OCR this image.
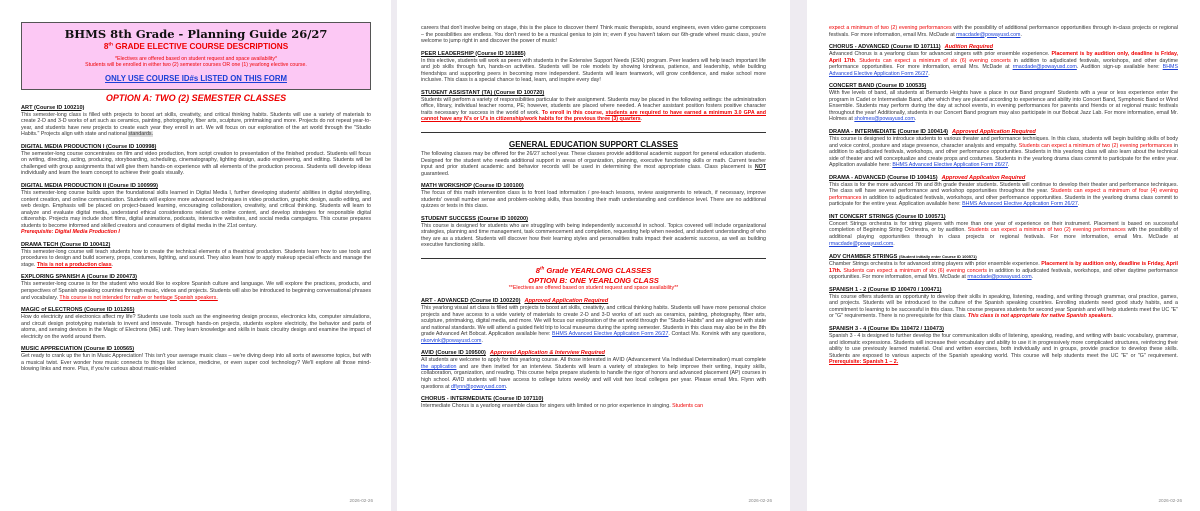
BHMS 8th Grade - Planning Guide 26/27
8th GRADE ELECTIVE COURSE DESCRIPTIONS
*Electives are offered based on student request and space availability*
Students will be enrolled in either two (2) semester courses OR one (1) yearlong elective course.
ONLY USE COURSE ID#s LISTED ON THIS FORM
OPTION A: TWO (2) SEMESTER CLASSES
ART (Course ID 100210)
This semester-long class is filled with projects to boost art skills, creativity, and critical thinking habits. Students will use a variety of materials to create 2-D and 3-D works of art such as ceramics, painting, photography, fiber arts, sculpture, printmaking and more. Projects do not repeat year-to-year, and students have new projects to create each year they enroll in art. We will focus on our exploration of the art world through the "Studio Habits." Projects align with state and national standards.
DIGITAL MEDIA PRODUCTION I (Course ID 100998)
The semester-long course concentrates on film and video production, from script creation to presentation of the finished product. Students will focus on writing, directing, acting, producing, storyboarding, scheduling, cinematography, lighting design, audio engineering, and editing. Students will be challenged with group assignments that will give them hands-on experience with all elements of the production process. Students will develop ideas individually and learn the team concept to achieve their goals visually.
DIGITAL MEDIA PRODUCTION II (Course ID 100999)
This semester-long course builds upon the foundational skills learned in Digital Media I, further developing students' abilities in digital storytelling, content creation, and online communication. Students will explore more advanced techniques in video production, graphic design, audio editing, and web design. Emphasis will be placed on project-based learning, encouraging collaboration, creativity, and critical thinking. Students will learn to analyze and evaluate digital media, understand ethical considerations related to online content, and develop strategies for responsible digital citizenship. Projects may include short films, digital animations, podcasts, interactive websites, and social media campaigns. This course prepares students to become informed and skilled creators and consumers of digital media in the 21st century.
Prerequisite: Digital Media Production I
DRAMA TECH (Course ID 100412)
This semester-long course will teach students how to create the technical elements of a theatrical production. Students learn how to use tools and procedures to design and build scenery, props, costumes, lighting, and sound. They also learn how to apply makeup special effects and manage the stage. This is not a production class.
EXPLORING SPANISH A (Course ID 200473)
This semester-long course is for the student who would like to explore Spanish culture and language. We will explore the practices, products, and perspectives of Spanish speaking countries through music, videos and projects. Students will also be introduced to beginning conversational phrases and vocabulary. This course is not intended for native or heritage Spanish speakers.
MAGIC of ELECTRONS (Course ID 101265)
How do electricity and electronics affect my life? Students use tools such as the engineering design process, electronics kits, computer simulations, and circuit design prototyping materials to invent and innovate. Through hands-on projects, students explore electricity, the behavior and parts of atoms, and sensing devices in the Magic of Electrons (ME) unit. They learn knowledge and skills in basic circuitry design and examine the impact of electricity on the world around them.
MUSIC APPRECIATION (Course ID 100565)
Get ready to crank up the fun in Music Appreciation! This isn't your average music class – we're diving deep into all sorts of awesome topics, but with a musical twist. Ever wonder how music connects to things like science, medicine, or even super cool technology? We'll explore all those mind-blowing links and more. Plus, if you're curious about music-related
2026-02-26
careers that don't involve being on stage, this is the place to discover them! Think music therapists, sound engineers, even video game composers – the possibilities are endless. You don't need to be a musical genius to join in; even if you haven't taken our 6th-grade wheel music class, you're welcome to jump right in and discover the power of music!
PEER LEADERSHIP (Course ID 101885)
In this elective, students will work as peers with students in the Extensive Support Needs (ESN) program. Peer leaders will help teach important life and job skills through fun, hands-on activities. Students will be role models by showing kindness, patience, and leadership, while building friendships and supporting peers in becoming more independent. Students will learn teamwork, will grow confidence, and make school more inclusive. This class is a special chance to lead, learn, and inspire every day!
STUDENT ASSISTANT (TA) (Course ID 100720)
Students will perform a variety of responsibilities particular to their assignment. Students may be placed in the following settings: the administration office, library, individual teacher rooms, PE; however, students are placed where needed. A teacher assistant position fosters positive character traits necessary for success in the world of work. To enroll in this course, students are required to have earned a minimum 3.0 GPA and cannot have any N's or U's in citizenship/work habits for the previous three (3) quarters.
GENERAL EDUCATION SUPPORT CLASSES
The following classes may be offered for the 26/27 school year. These classes provide additional academic support for general education students. Designed for the student who needs additional support in areas of organization, planning, executive functioning skills or math. Current teacher input and prior student academic and behavior records will be used in determining the most appropriate class. Class placement is NOT guaranteed.
MATH WORKSHOP (Course ID 100100)
The focus of this math intervention class is to front load information / pre-teach lessons, review assignments to reteach, if necessary, improve students' overall number sense and problem-solving skills, thus boosting their math understanding and confidence level. There are no additional quizzes or tests in this class.
STUDENT SUCCESS (Course ID 100200)
This course is designed for students who are struggling with being independently successful in school. Topics covered will include organizational strategies, planning and time management, task commencement and completion, requesting help when needed, and student understanding of who they are as a student. Students will discover how their learning styles and personalities traits impact their academic success, as well as building executive functioning skills.
8th Grade YEARLONG CLASSES
OPTION B: ONE YEARLONG CLASS
**Electives are offered based on student request and space availability**
ART - ADVANCED (Course ID 100220) Approved Application Required
This yearlong visual art class is filled with projects to boost art skills, creativity, and critical thinking habits. Students will have more personal choice projects and have access to a wide variety of materials to create 2-D and 3-D works of art such as ceramics, painting, photography, fiber arts, sculpture, printmaking, digital media, and more. We will focus our exploration of the art world through the "Studio Habits" and are aligned with state and national standards. We will attend a guided field trip to local museums during the spring semester. Students in this class may also be in the 8th grade Advanced Art Bobcat. Application available here: BHMS Advanced Elective Application Form 26/27. Contact Ms. Korvink with any questions, nkorvink@powayusd.com.
AVID (Course ID 109500) Approved Application & Interview Required
All students are welcome to apply for this yearlong course. All those interested in AVID (Advancement Via Individual Determination) must complete the application and are then invited for an interview. Students will learn a variety of strategies to help improve their writing, inquiry skills, collaboration, organization, and reading. This course helps prepare students to handle the rigor of honors and advanced placement (AP) courses in high school. AVID students will have access to college tutors weekly and will visit two local colleges per year. Please email Mrs. Flynn with questions at dflynn@powayusd.com.
CHORUS - INTERMEDIATE (Course ID 107110)
Intermediate Chorus is a yearlong ensemble class for singers with limited or no prior experience in singing. Students can
2026-02-26
expect a minimum of two (2) evening performances with the possibility of additional performance opportunities through in-class projects or regional festivals. For more information, email Mrs. McDade at rmacdade@powayusd.com.
CHORUS - ADVANCED (Course ID 107111) Audition Required
Advanced Chorus is a yearlong class for advanced singers with prior ensemble experience. Placement is by audition only, deadline is Friday, April 17th. Students can expect a minimum of six (6) evening concerts in addition to adjudicated festivals, workshops, and other daytime performance opportunities. For more information, email Mrs. McDade at rmacdade@powayusd.com. Audition sign-up available here: BHMS Advanced Elective Application Form 26/27.
CONCERT BAND (Course ID 100535)
With five levels of band, all students at Bernardo Heights have a place in our Band program! Students with a year or less experience enter the program in Cadet or Intermediate Band, after which they are placed according to experience and ability into Concert Band, Symphonic Band or Wind Ensemble. Students may perform during the day at school events, in evening performances for parents and friends or at regional music festivals throughout the year! Additionally, students in our Concert Band program may also participate in our Bobcat Jazz Lab. For more information, email Mr. Holmes at sholmes@powayusd.com.
DRAMA - INTERMEDIATE (Course ID 100414) Approved Application Required
This course is designed to introduce students to various theater and performance techniques. In this class, students will begin building skills of body and voice control, posture and stage presence, character analysis and empathy. Students can expect a minimum of two (2) evening performances in addition to adjudicated festivals, workshops, and other performance opportunities. Students in this yearlong class will also learn about the technical side of theater and will conceptualize and create props and costumes. Students in the yearlong drama class commit to participate for the entire year. Application available here: BHMS Advanced Elective Application Form 26/27.
DRAMA - ADVANCED (Course ID 100415) Approved Application Required
This class is for the more advanced 7th and 8th grade theater students. Students will continue to develop their theater and performance techniques. The class will have several performance and workshop opportunities throughout the year. Students can expect a minimum of four (4) evening performances in addition to adjudicated festivals, workshops, and other performance opportunities. Students in the yearlong drama class commit to participate for the entire year. Application available here: BHMS Advanced Elective Application Form 26/27.
INT CONCERT STRINGS (Course ID 100571)
Concert Strings orchestra is for string players with more than one year of experience on their instrument. Placement is based on successful completion of Beginning String Orchestra, or by audition. Students can expect a minimum of two (2) evening performances with the possibility of additional playing opportunities through in class projects or regional festivals. For more information, email Mrs. McDade at rmacdade@powayusd.com.
ADV CHAMBER STRINGS (Student initially enter Course ID 100571)
Chamber Strings orchestra is for advanced string players with prior ensemble experience. Placement is by audition only, deadline is Friday, April 17th. Students can expect a minimum of six (6) evening concerts in addition to adjudicated festivals, workshops, and other daytime performance opportunities. For more information, email Mrs. McDade at rmacdade@powayusd.com.
SPANISH 1 - 2 (Course ID 100470 / 100471)
This course offers students an opportunity to develop their skills in speaking, listening, reading, and writing through grammar, oral practice, games, and projects. Students will be introduced to the culture of the Spanish speaking countries. Enrolling students need good study habits, and a commitment to learning to be successful in this class. This course prepares students for second year Spanish and will help students meet the UC "E" or "G" requirements. There is no prerequisite for this class. This class is not appropriate for native Spanish speakers.
SPANISH 3 - 4 (Course IDs 110472 / 110473)
Spanish 3 - 4 is designed to further develop the four communication skills of listening, speaking, reading, and writing with basic vocabulary, grammar, and idiomatic expressions. Students will increase their vocabulary and ability to use it in progressively more complicated structures, reinforcing their ability to use previously learned material. Oral and written exercises, both individually and in groups, provide practice to develop these skills. Students are exposed to various aspects of the Spanish speaking world. This course will help students meet the UC "E" or "G" requirement. Prerequisite: Spanish 1 – 2.
2026-02-26
